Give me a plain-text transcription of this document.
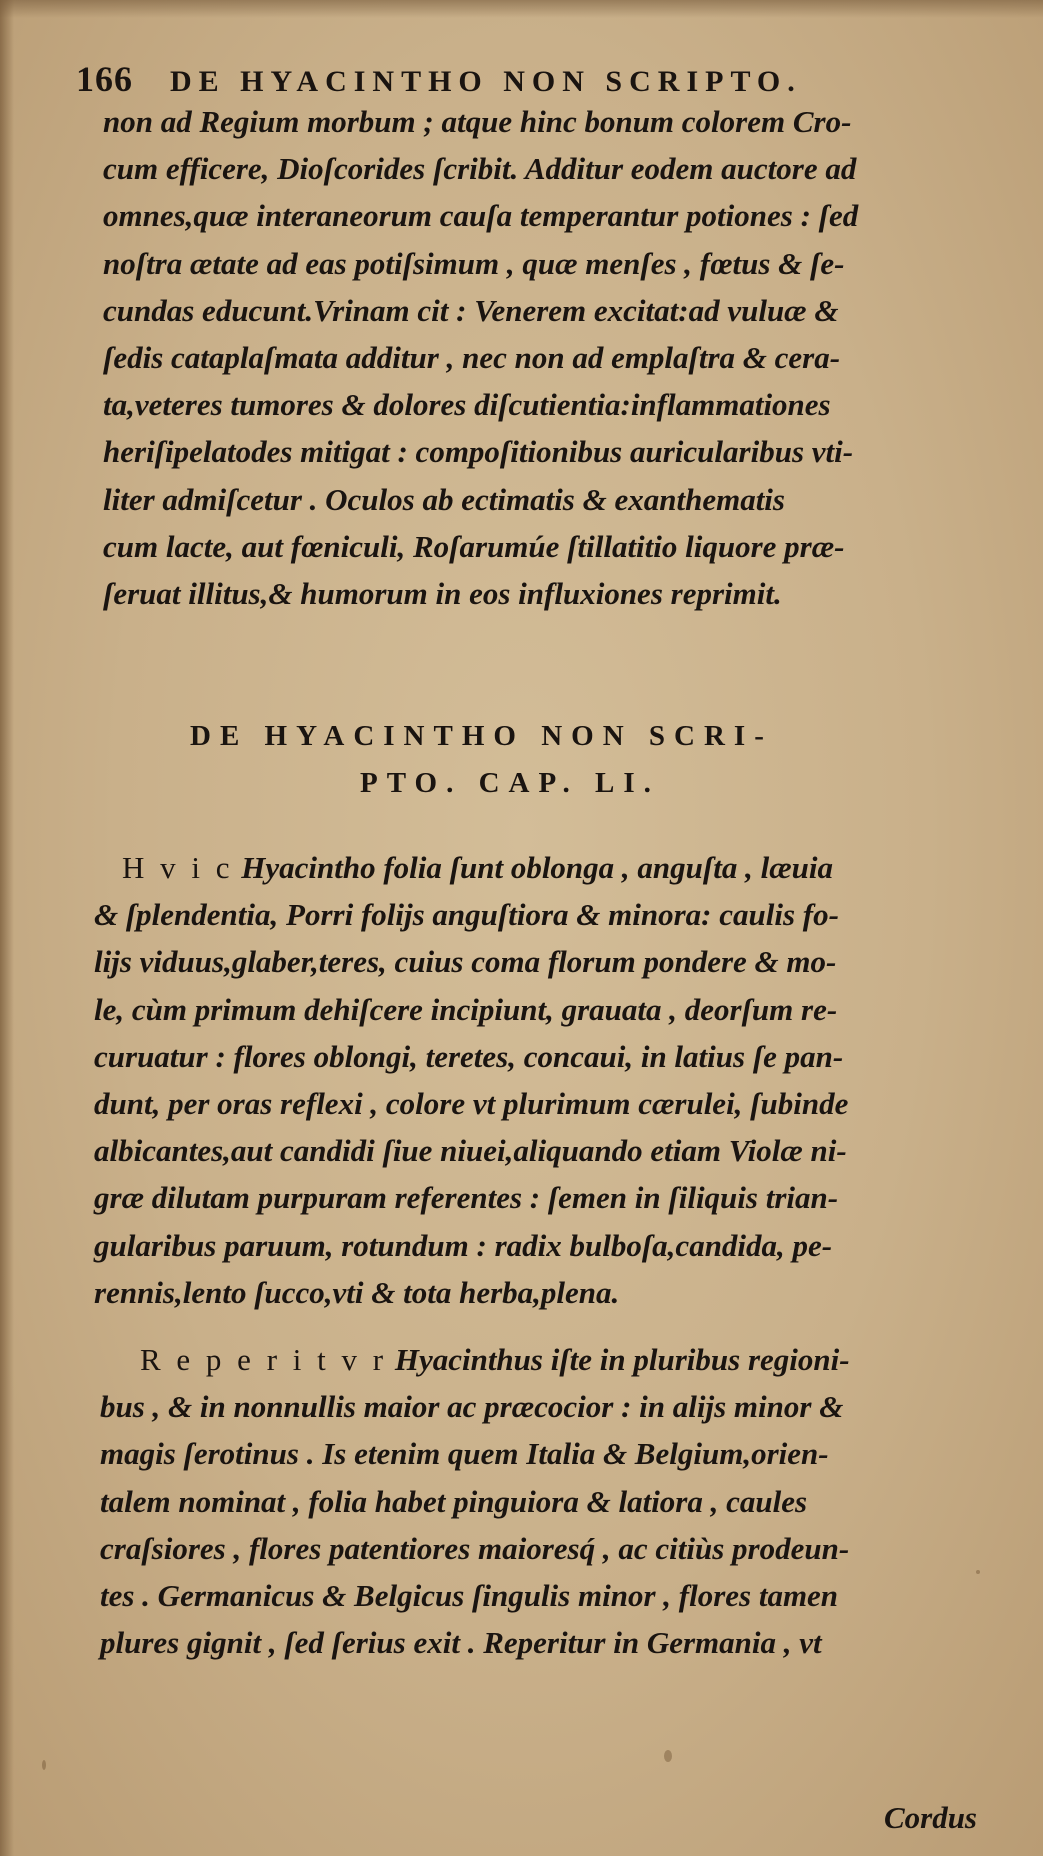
166 DE HYACINTHO NON SCRIPTO.
non ad Regium morbum ; atque hinc bonum colorem Cro-
cum efficere, Dioſcorides ſcribit. Additur eodem auctore ad
omnes,quæ interaneorum cauſa temperantur potiones : ſed
noſtra ætate ad eas potiſsimum , quæ menſes , fœtus & ſe-
cundas educunt.Vrinam cit : Venerem excitat:ad vuluæ &
ſedis cataplaſmata additur , nec non ad emplaſtra & cera-
ta,veteres tumores & dolores diſcutientia:inflammationes
heriſipelatodes mitigat : compoſitionibus auricularibus vti-
liter admiſcetur . Oculos ab ectimatis & exanthematis
cum lacte, aut fœniculi, Roſarumúe ſtillatitio liquore præ-
ſeruat illitus,& humorum in eos influxiones reprimit.
DE HYACINTHO NON SCRI-
PTO. CAP. LI.
H v i c Hyacintho folia ſunt oblonga , anguſta , læuia
& ſplendentia, Porri folijs anguſtiora & minora: caulis fo-
lijs viduus,glaber,teres, cuius coma florum pondere & mo-
le, cùm primum dehiſcere incipiunt, grauata , deorſum re-
curuatur : flores oblongi, teretes, concaui, in latius ſe pan-
dunt, per oras reflexi , colore vt plurimum cærulei, ſubinde
albicantes,aut candidi ſiue niuei,aliquando etiam Violæ ni-
græ dilutam purpuram referentes : ſemen in ſiliquis trian-
gularibus paruum, rotundum : radix bulboſa,candida, pe-
rennis,lento ſucco,vti & tota herba,plena.
R e p e r i t v r Hyacinthus iſte in pluribus regioni-
bus , & in nonnullis maior ac præcocior : in alijs minor &
magis ſerotinus . Is etenim quem Italia & Belgium,orien-
talem nominat , folia habet pinguiora & latiora , caules
craſsiores , flores patentiores maioresq́ , ac citiùs prodeun-
tes . Germanicus & Belgicus ſingulis minor , flores tamen
plures gignit , ſed ſerius exit . Reperitur in Germania , vt
Cordus
